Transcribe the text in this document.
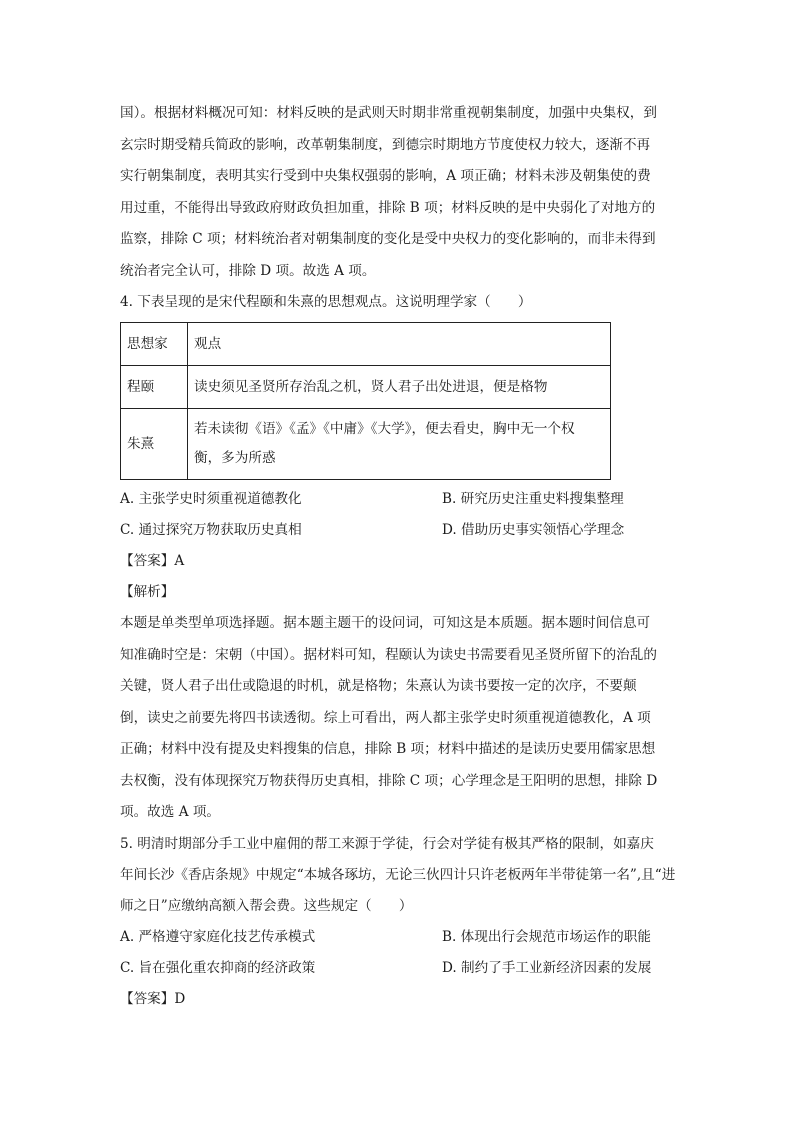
国）。根据材料概况可知：材料反映的是武则天时期非常重视朝集制度，加强中央集权，到

玄宗时期受精兵简政的影响，改革朝集制度，到德宗时期地方节度使权力较大，逐渐不再

实行朝集制度，表明其实行受到中央集权强弱的影响，A 项正确；材料未涉及朝集使的费

用过重，不能得出导致政府财政负担加重，排除 B 项；材料反映的是中央弱化了对地方的

监察，排除 C 项；材料统治者对朝集制度的变化是受中央权力的变化影响的，而非未得到

统治者完全认可，排除 D 项。故选 A 项。

4. 下表呈现的是宋代程颐和朱熹的思想观点。这说明理学家（　　）

思想家	观点
程颐	读史须见圣贤所存治乱之机，贤人君子出处进退，便是格物
朱熹	若未读彻《语》《孟》《中庸》《大学》，便去看史，胸中无一个权
衡，多为所惑
A. 主张学史时须重视道德教化	B. 研究历史注重史料搜集整理
C. 通过探究万物获取历史真相	D. 借助历史事实领悟心学理念

【答案】A

【解析】

本题是单类型单项选择题。据本题主题干的设问词，可知这是本质题。据本题时间信息可

知准确时空是：宋朝（中国）。据材料可知，程颐认为读史书需要看见圣贤所留下的治乱的

关键，贤人君子出仕或隐退的时机，就是格物；朱熹认为读书要按一定的次序，不要颠

倒，读史之前要先将四书读透彻。综上可看出，两人都主张学史时须重视道德教化，A 项

正确；材料中没有提及史料搜集的信息，排除 B 项；材料中描述的是读历史要用儒家思想

去权衡，没有体现探究万物获得历史真相，排除 C 项；心学理念是王阳明的思想，排除 D

项。故选 A 项。

5. 明清时期部分手工业中雇佣的帮工来源于学徒，行会对学徒有极其严格的限制，如嘉庆

年间长沙《香店条规》中规定“本城各琢坊，无论三伙四计只许老板两年半带徒第一名”,且“进

师之日”应缴纳高额入帮会费。这些规定（　　）

A. 严格遵守家庭化技艺传承模式	B. 体现出行会规范市场运作的职能
C. 旨在强化重农抑商的经济政策	D. 制约了手工业新经济因素的发展

【答案】D
